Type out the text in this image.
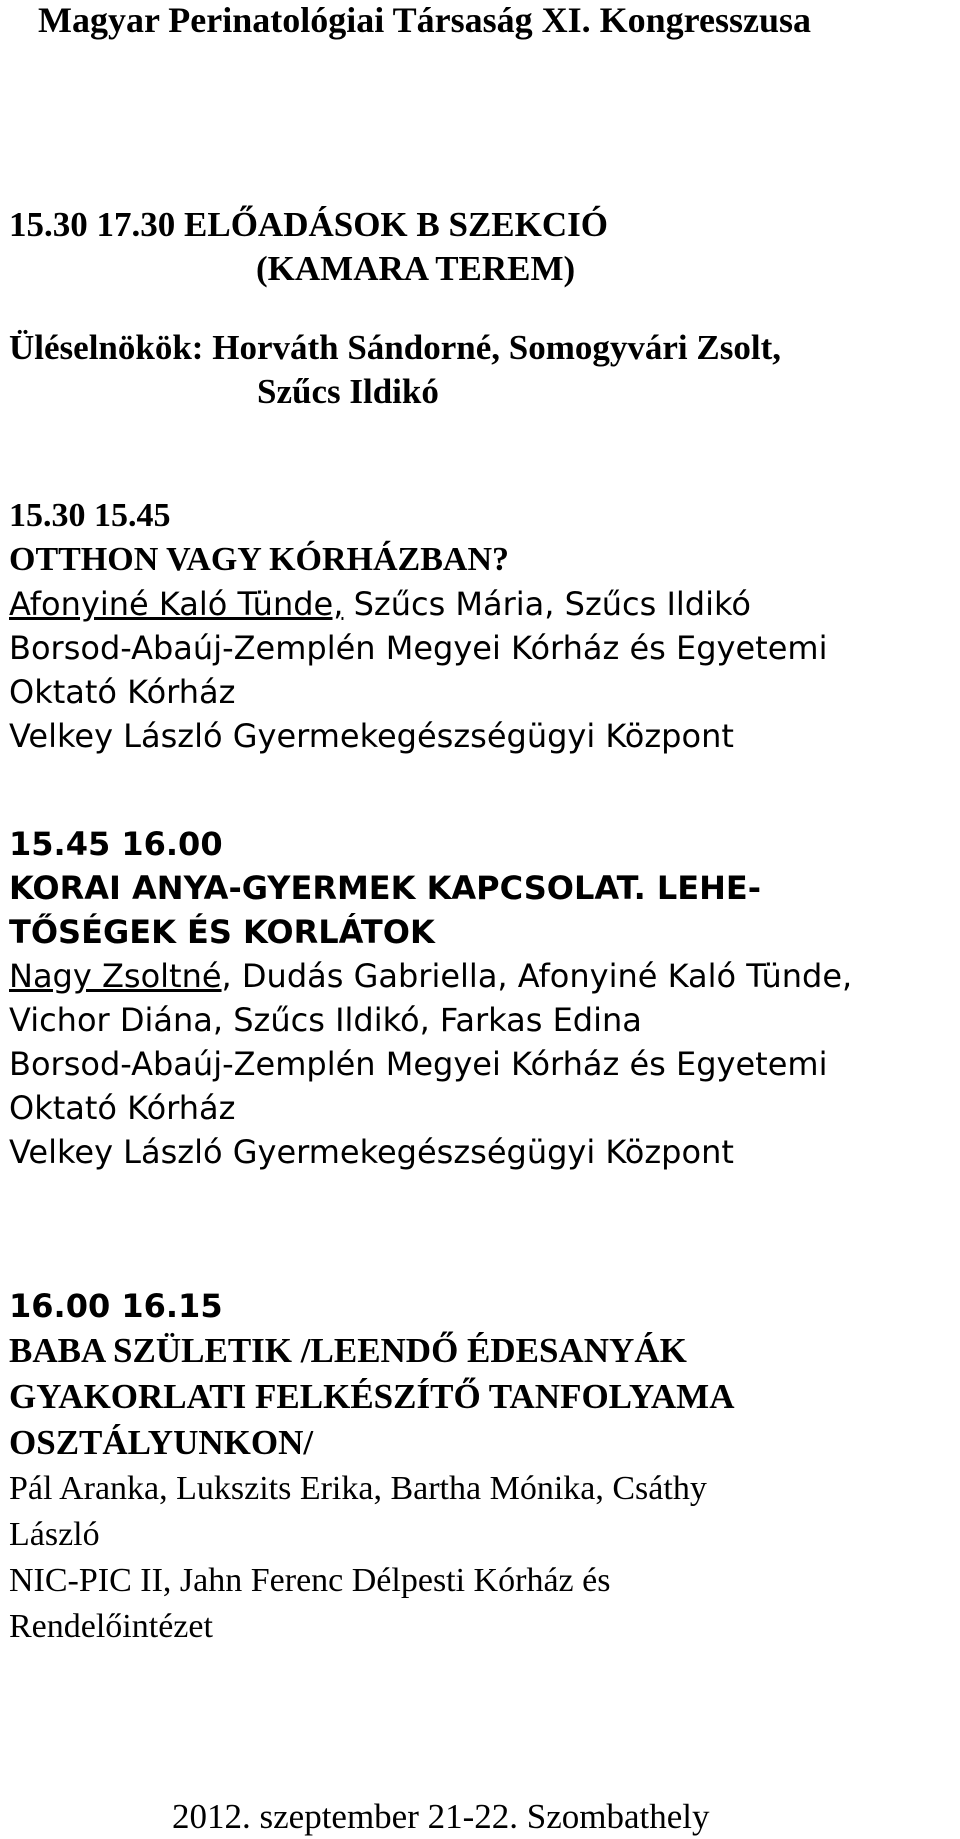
Magyar Perinatológiai Társaság XI. Kongresszusa
15.30 17.30 ELŐADÁSOK B SZEKCIÓ
(KAMARA TEREM)
Üléselnökök: Horváth Sándorné, Somogyvári Zsolt,
Szűcs Ildikó
15.30 15.45
OTTHON VAGY KÓRHÁZBAN?
Afonyiné Kaló Tünde, Szűcs Mária, Szűcs Ildikó
Borsod-Abaúj-Zemplén Megyei Kórház és Egyetemi
Oktató Kórház
Velkey László Gyermekegészségügyi Központ
15.45 16.00
KORAI ANYA-GYERMEK KAPCSOLAT. LEHE-
TŐSÉGEK ÉS KORLÁTOK
Nagy Zsoltné, Dudás Gabriella, Afonyiné Kaló Tünde,
Vichor Diána, Szűcs Ildikó, Farkas Edina
Borsod-Abaúj-Zemplén Megyei Kórház és Egyetemi
Oktató Kórház
Velkey László Gyermekegészségügyi Központ
16.00 16.15
BABA SZÜLETIK /LEENDŐ ÉDESANYÁK
GYAKORLATI FELKÉSZÍTŐ TANFOLYAMA
OSZTÁLYUNKON/
Pál Aranka, Lukszits Erika, Bartha Mónika, Csáthy
László
NIC-PIC II, Jahn Ferenc Délpesti Kórház és
Rendelőintézet
2012. szeptember 21-22. Szombathely
